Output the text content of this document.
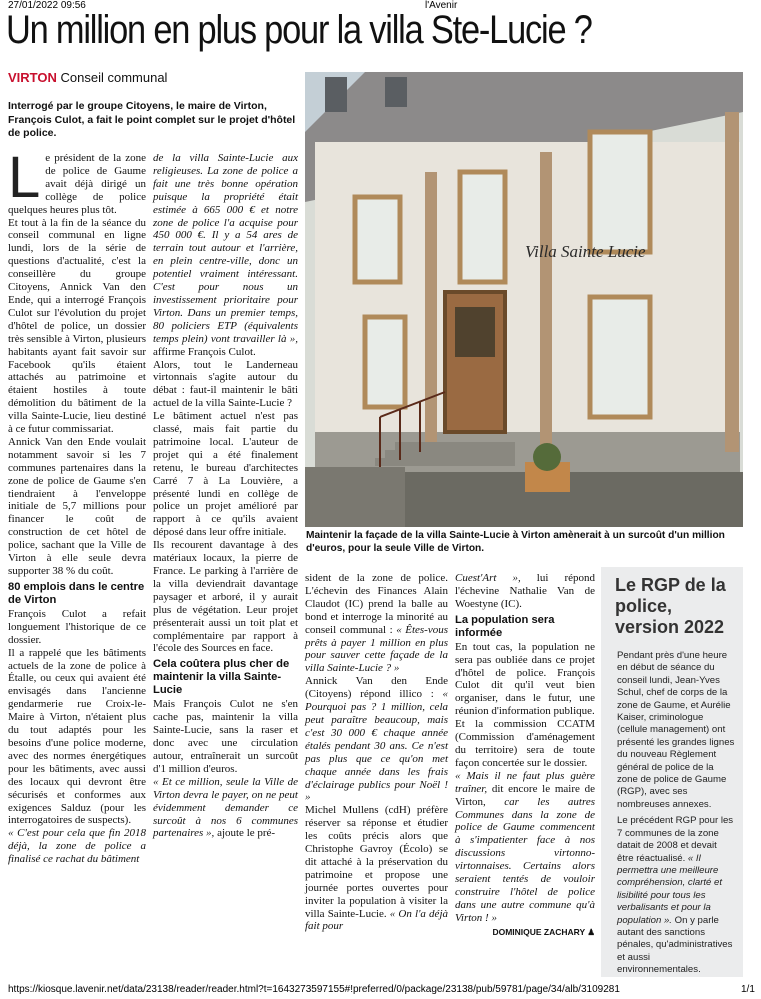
27/01/2022 09:56	l'Avenir
Un million en plus pour la villa Ste-Lucie ?
VIRTON Conseil communal
Interrogé par le groupe Citoyens, le maire de Virton, François Culot, a fait le point complet sur le projet d'hôtel de police.

Le président de la zone de police de Gaume avait déjà dirigé un collège de police quelques heures plus tôt.

Et tout à la fin de la séance du conseil communal en ligne lundi, lors de la série de questions d'actualité, c'est la conseillère du groupe Citoyens, Annick Van den Ende, qui a interrogé François Culot sur l'évolution du projet d'hôtel de police, un dossier très sensible à Virton, plusieurs habitants ayant fait savoir sur Facebook qu'ils étaient attachés au patrimoine et étaient hostiles à toute démolition du bâtiment de la villa Sainte-Lucie, lieu destiné à ce futur commissariat.

Annick Van den Ende voulait notamment savoir si les 7 communes partenaires dans la zone de police de Gaume s'en tiendraient à l'enveloppe initiale de 5,7 millions pour financer le coût de construction de cet hôtel de police, sachant que la Ville de Virton à elle seule devra supporter 38 % du coût.

80 emplois dans le centre de Virton

François Culot a refait longuement l'historique de ce dossier.

Il a rappelé que les bâtiments actuels de la zone de police à Étalle, ou ceux qui avaient été envisagés dans l'ancienne gendarmerie rue Croix-le-Maire à Virton, n'étaient plus du tout adaptés pour les besoins d'une police moderne, avec des normes énergétiques pour les bâtiments, avec aussi des locaux qui devront être sécurisés et conformes aux exigences Salduz (pour les interrogatoires de suspects).

« C'est pour cela que fin 2018 déjà, la zone de police a finalisé ce rachat du bâtiment

de la villa Sainte-Lucie aux religieuses. La zone de police a fait une très bonne opération puisque la propriété était estimée à 665 000 € et notre zone de police l'a acquise pour 450 000 €. Il y a 54 ares de terrain tout autour et l'arrière, en plein centre-ville, donc un potentiel vraiment intéressant. C'est pour nous un investissement prioritaire pour Virton. Dans un premier temps, 80 policiers ETP (équivalents temps plein) vont travailler là », affirme François Culot.

Alors, tout le Landerneau virtonnais s'agite autour du débat : faut-il maintenir le bâti actuel de la villa Sainte-Lucie ?

Le bâtiment actuel n'est pas classé, mais fait partie du patrimoine local. L'auteur de projet qui a été finalement retenu, le bureau d'architectes Carré 7 à La Louvière, a présenté lundi en collège de police un projet amélioré par rapport à ce qu'ils avaient déposé dans leur offre initiale.

Ils recourent davantage à des matériaux locaux, la pierre de France. Le parking à l'arrière de la villa deviendrait davantage paysager et arboré, il y aurait plus de végétation. Leur projet présenterait aussi un toit plat et complémentaire par rapport à l'école des Sources en face.

Cela coûtera plus cher de maintenir la villa Sainte-Lucie

Mais François Culot ne s'en cache pas, maintenir la villa Sainte-Lucie, sans la raser et donc avec une circulation autour, entraînerait un surcoût d'1 million d'euros.

« Et ce million, seule la Ville de Virton devra le payer, on ne peut évidemment demander ce surcoût à nos 6 communes partenaires », ajoute le pré-

Villa Sainte Lucie
Maintenir la façade de la villa Sainte-Lucie à Virton amènerait à un surcoût d'un million d'euros, pour la seule Ville de Virton.

sident de la zone de police. L'échevin des Finances Alain Claudot (IC) prend la balle au bond et interroge la minorité au conseil communal : « Êtes-vous prêts à payer 1 million en plus pour sauver cette façade de la villa Sainte-Lucie ? »

Annick Van den Ende (Citoyens) répond illico : « Pourquoi pas ? 1 million, cela peut paraître beaucoup, mais c'est 30 000 € chaque année étalés pendant 30 ans. Ce n'est pas plus que ce qu'on met chaque année dans les frais d'éclairage publics pour Noël ! »

Michel Mullens (cdH) préfère réserver sa réponse et étudier les coûts précis alors que Christophe Gavroy (Écolo) se dit attaché à la préservation du patrimoine et propose une journée portes ouvertes pour inviter la population à visiter la villa Sainte-Lucie. « On l'a déjà fait pour

Cuest'Art », lui répond l'échevine Nathalie Van de Woestyne (IC).

La population sera informée

En tout cas, la population ne sera pas oubliée dans ce projet d'hôtel de police. François Culot dit qu'il veut bien organiser, dans le futur, une réunion d'information publique.

Et la commission CCATM (Commission d'aménagement du territoire) sera de toute façon concertée sur le dossier.

« Mais il ne faut plus guère traîner, dit encore le maire de Virton, car les autres Communes dans la zone de police de Gaume commencent à s'impatienter face à nos discussions virtonno-virtonnaises. Certains alors seraient tentés de vouloir construire l'hôtel de police dans une autre commune qu'à Virton ! »

DOMINIQUE ZACHARY ♟
Le RGP de la police, version 2022

Pendant près d'une heure en début de séance du conseil lundi, Jean-Yves Schul, chef de corps de la zone de Gaume, et Aurélie Kaiser, criminologue (cellule management) ont présenté les grandes lignes du nouveau Règlement général de police de la zone de police de Gaume (RGP), avec ses nombreuses annexes.

Le précédent RGP pour les 7 communes de la zone datait de 2008 et devait être réactualisé. « Il permettra une meilleure compréhension, clarté et lisibilité pour tous les verbalisants et pour la population ». On y parle autant des sanctions pénales, qu'administratives et aussi environnementales.

https://kiosque.lavenir.net/data/23138/reader/reader.html?t=1643273597155#!preferred/0/package/23138/pub/59781/page/34/alb/3109281	1/1
